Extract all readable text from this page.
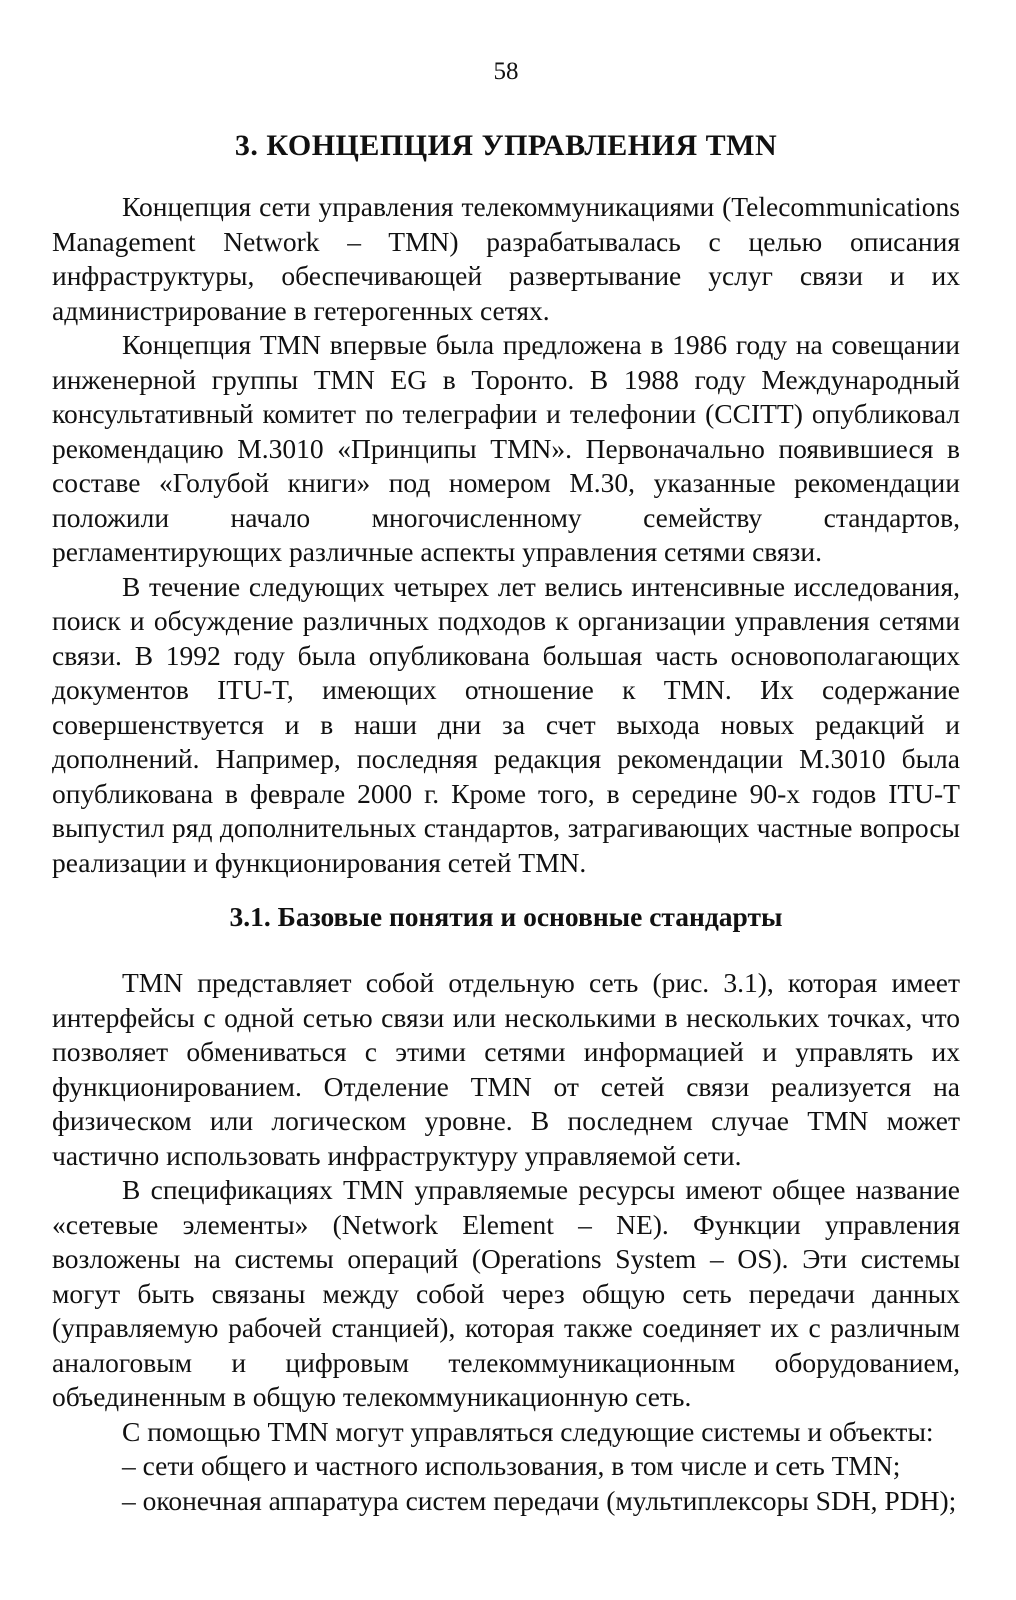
58
3. КОНЦЕПЦИЯ УПРАВЛЕНИЯ TMN

Концепция сети управления телекоммуникациями (Telecommunications Management Network – TMN) разрабатывалась с целью описания инфраструктуры, обеспечивающей развертывание услуг связи и их администрирование в гетерогенных сетях.

Концепция TMN впервые была предложена в 1986 году на совещании инженерной группы TMN EG в Торонто. В 1988 году Международный консультативный комитет по телеграфии и телефонии (CCITT) опубликовал рекомендацию M.3010 «Принципы TMN». Первоначально появившиеся в составе «Голубой книги» под номером M.30, указанные рекомендации положили начало многочисленному семейству стандартов, регламентирующих различные аспекты управления сетями связи.

В течение следующих четырех лет велись интенсивные исследования, поиск и обсуждение различных подходов к организации управления сетями связи. В 1992 году была опубликована большая часть основополагающих документов ITU-T, имеющих отношение к TMN. Их содержание совершенствуется и в наши дни за счет выхода новых редакций и дополнений. Например, последняя редакция рекомендации M.3010 была опубликована в феврале 2000 г. Кроме того, в середине 90-х годов ITU-T выпустил ряд дополнительных стандартов, затрагивающих частные вопросы реализации и функционирования сетей TMN.

3.1. Базовые понятия и основные стандарты

TMN представляет собой отдельную сеть (рис. 3.1), которая имеет интерфейсы с одной сетью связи или несколькими в нескольких точках, что позволяет обмениваться с этими сетями информацией и управлять их функционированием. Отделение TMN от сетей связи реализуется на физическом или логическом уровне. В последнем случае TMN может частично использовать инфраструктуру управляемой сети.

В спецификациях TMN управляемые ресурсы имеют общее название «сетевые элементы» (Network Element – NE). Функции управления возложены на системы операций (Operations System – OS). Эти системы могут быть связаны между собой через общую сеть передачи данных (управляемую рабочей станцией), которая также соединяет их с различным аналоговым и цифровым телекоммуникационным оборудованием, объединенным в общую телекоммуникационную сеть.

С помощью TMN могут управляться следующие системы и объекты:

– сети общего и частного использования, в том числе и сеть TMN;

– оконечная аппаратура систем передачи (мультиплексоры SDH, PDH);
